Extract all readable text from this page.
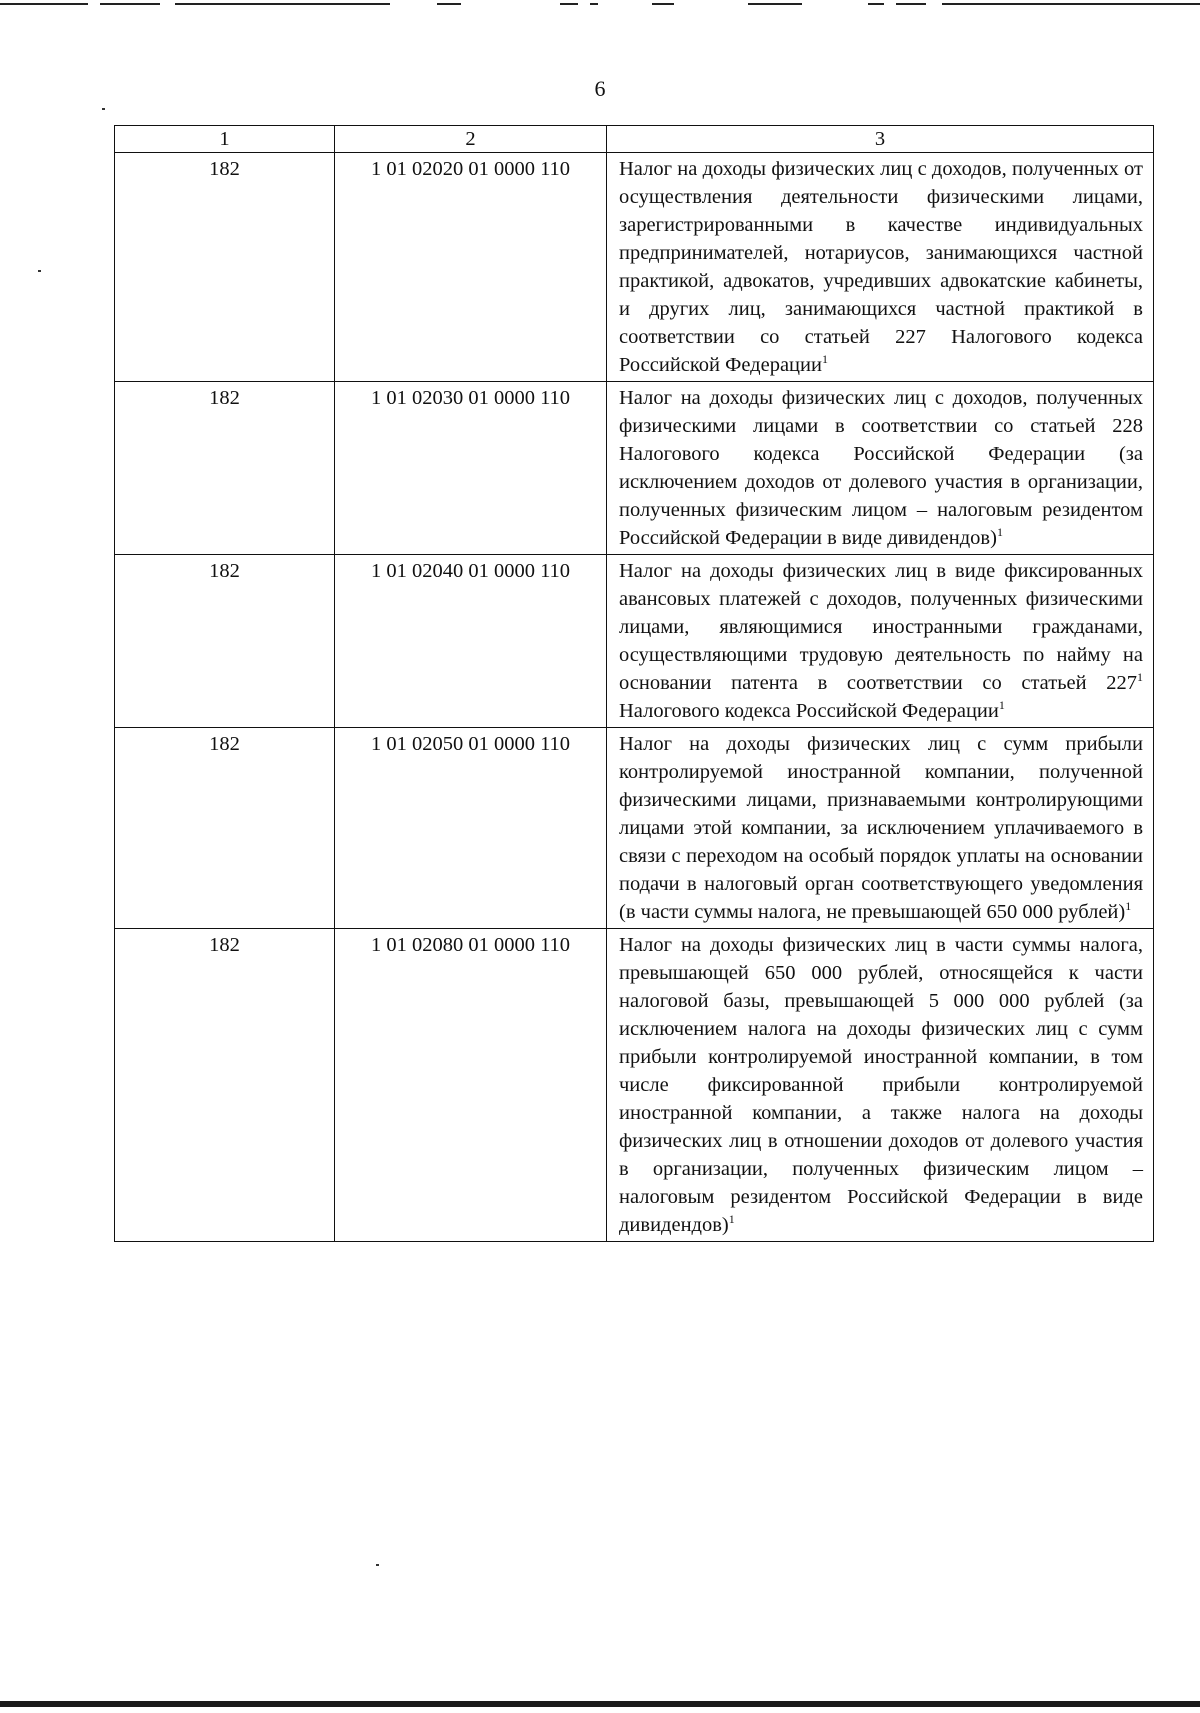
6
1	2	3
182	1 01 02020 01 0000 110	Налог на доходы физических лиц с доходов, полученных от осуществления деятельности физическими лицами, зарегистрированными в качестве индивидуальных предпринимателей, нотариусов, занимающихся частной практикой, адвокатов, учредивших адвокатские кабинеты, и других лиц, занимающихся частной практикой в соответствии со статьей 227 Налогового кодекса Российской Федерации$^1$
182	1 01 02030 01 0000 110	Налог на доходы физических лиц с доходов, полученных физическими лицами в соответствии со статьей 228 Налогового кодекса Российской Федерации (за исключением доходов от долевого участия в организации, полученных физическим лицом – налоговым резидентом Российской Федерации в виде дивидендов)$^1$
182	1 01 02040 01 0000 110	Налог на доходы физических лиц в виде фиксированных авансовых платежей с доходов, полученных физическими лицами, являющимися иностранными гражданами, осуществляющими трудовую деятельность по найму на основании патента в соответствии со статьей $227^1$ Налогового кодекса Российской Федерации$^1$
182	1 01 02050 01 0000 110	Налог на доходы физических лиц с сумм прибыли контролируемой иностранной компании, полученной физическими лицами, признаваемыми контролирующими лицами этой компании, за исключением уплачиваемого в связи с переходом на особый порядок уплаты на основании подачи в налоговый орган соответствующего уведомления (в части суммы налога, не превышающей 650 000 рублей)$^1$
182	1 01 02080 01 0000 110	Налог на доходы физических лиц в части суммы налога, превышающей 650 000 рублей, относящейся к части налоговой базы, превышающей 5 000 000 рублей (за исключением налога на доходы физических лиц с сумм прибыли контролируемой иностранной компании, в том числе фиксированной прибыли контролируемой иностранной компании, а также налога на доходы физических лиц в отношении доходов от долевого участия в организации, полученных физическим лицом – налоговым резидентом Российской Федерации в виде дивидендов)$^1$
